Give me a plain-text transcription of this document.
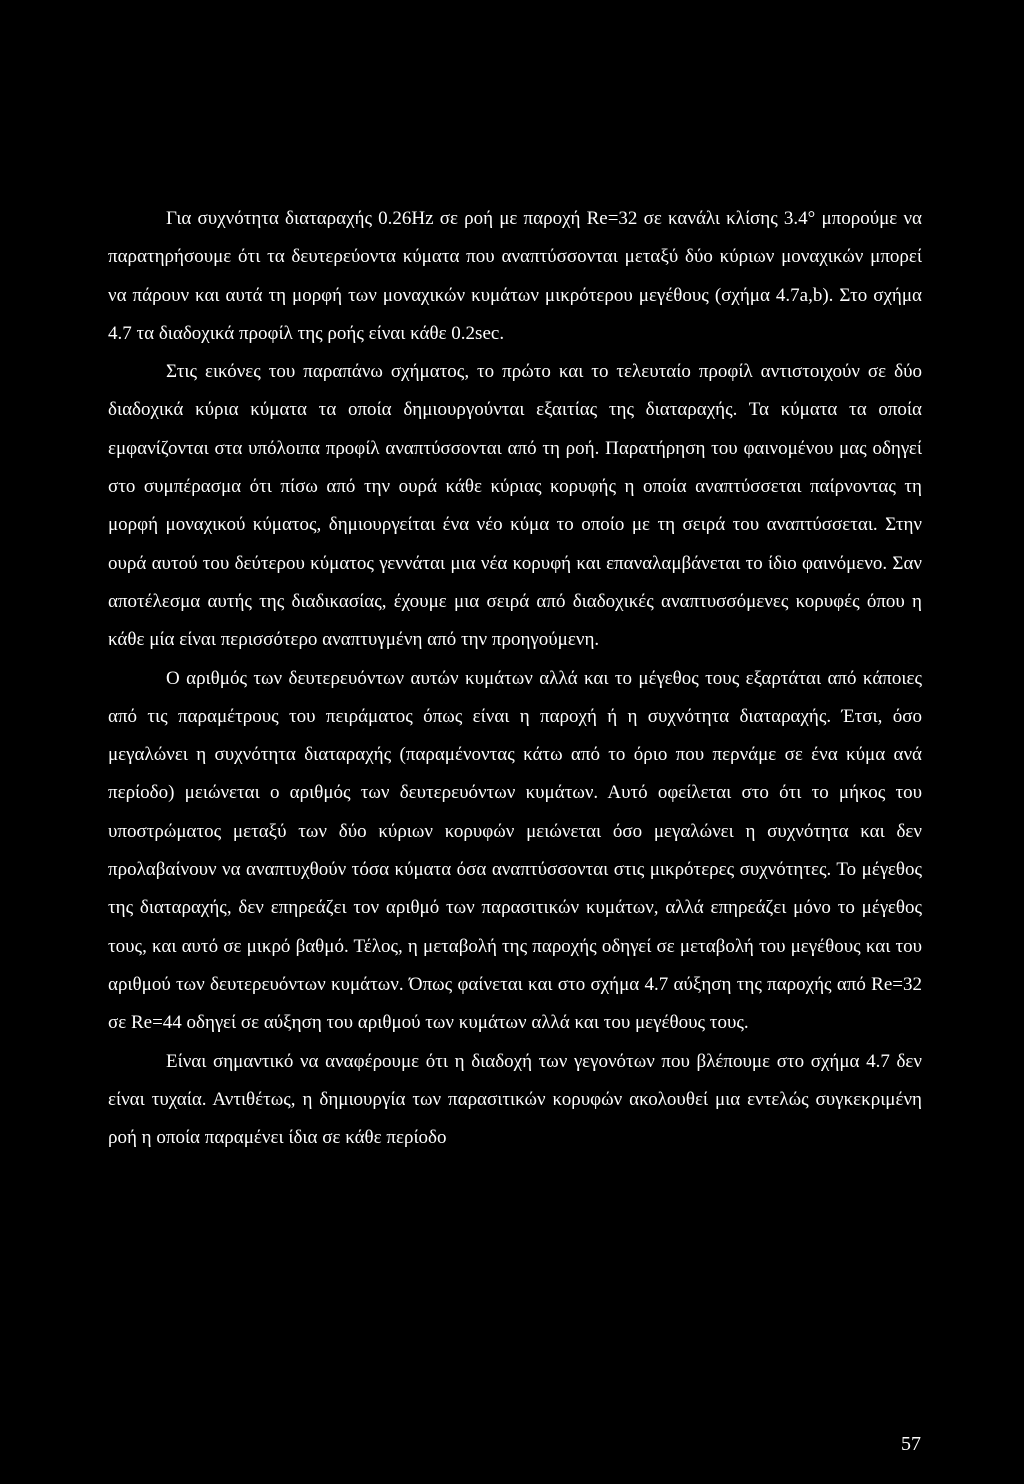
Για συχνότητα διαταραχής 0.26Hz σε ροή με παροχή Re=32 σε κανάλι κλίσης 3.4° μπορούμε να παρατηρήσουμε ότι τα δευτερεύοντα κύματα που αναπτύσσονται μεταξύ δύο κύριων μοναχικών μπορεί να πάρουν και αυτά τη μορφή των μοναχικών κυμάτων μικρότερου μεγέθους (σχήμα 4.7a,b). Στο σχήμα 4.7 τα διαδοχικά προφίλ της ροής είναι κάθε 0.2sec.

Στις εικόνες του παραπάνω σχήματος, το πρώτο και το τελευταίο προφίλ αντιστοιχούν σε δύο διαδοχικά κύρια κύματα τα οποία δημιουργούνται εξαιτίας της διαταραχής. Τα κύματα τα οποία εμφανίζονται στα υπόλοιπα προφίλ αναπτύσσονται από τη ροή. Παρατήρηση του φαινομένου μας οδηγεί στο συμπέρασμα ότι πίσω από την ουρά κάθε κύριας κορυφής η οποία αναπτύσσεται παίρνοντας τη μορφή μοναχικού κύματος, δημιουργείται ένα νέο κύμα το οποίο με τη σειρά του αναπτύσσεται. Στην ουρά αυτού του δεύτερου κύματος γεννάται μια νέα κορυφή και επαναλαμβάνεται το ίδιο φαινόμενο. Σαν αποτέλεσμα αυτής της διαδικασίας, έχουμε μια σειρά από διαδοχικές αναπτυσσόμενες κορυφές όπου η κάθε μία είναι περισσότερο αναπτυγμένη από την προηγούμενη.

Ο αριθμός των δευτερευόντων αυτών κυμάτων αλλά και το μέγεθος τους εξαρτάται από κάποιες από τις παραμέτρους του πειράματος όπως είναι η παροχή ή η συχνότητα διαταραχής. Έτσι, όσο μεγαλώνει η συχνότητα διαταραχής (παραμένοντας κάτω από το όριο που περνάμε σε ένα κύμα ανά περίοδο) μειώνεται ο αριθμός των δευτερευόντων κυμάτων. Αυτό οφείλεται στο ότι το μήκος του υποστρώματος μεταξύ των δύο κύριων κορυφών μειώνεται όσο μεγαλώνει η συχνότητα και δεν προλαβαίνουν να αναπτυχθούν τόσα κύματα όσα αναπτύσσονται στις μικρότερες συχνότητες. Το μέγεθος της διαταραχής, δεν επηρεάζει τον αριθμό των παρασιτικών κυμάτων, αλλά επηρεάζει μόνο το μέγεθος τους, και αυτό σε μικρό βαθμό. Τέλος, η μεταβολή της παροχής οδηγεί σε μεταβολή του μεγέθους και του αριθμού των δευτερευόντων κυμάτων. Όπως φαίνεται και στο σχήμα 4.7 αύξηση της παροχής από Re=32 σε Re=44 οδηγεί σε αύξηση του αριθμού των κυμάτων αλλά και του μεγέθους τους.

Είναι σημαντικό να αναφέρουμε ότι η διαδοχή των γεγονότων που βλέπουμε στο σχήμα 4.7 δεν είναι τυχαία. Αντιθέτως, η δημιουργία των παρασιτικών κορυφών ακολουθεί μια εντελώς συγκεκριμένη ροή η οποία παραμένει ίδια σε κάθε περίοδο

57
